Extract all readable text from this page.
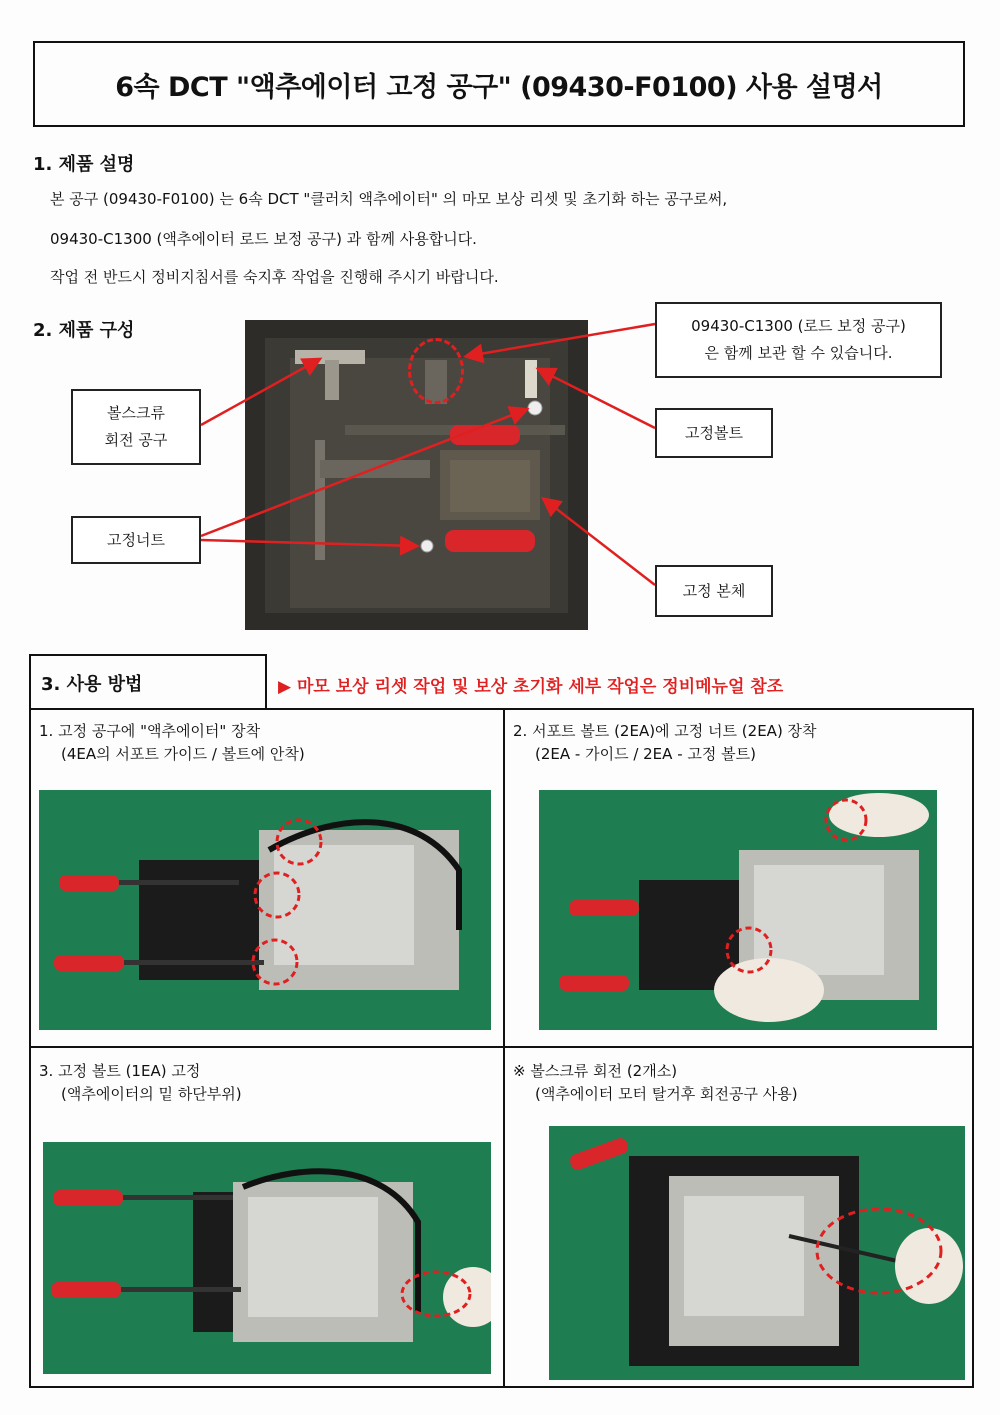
6속 DCT "액추에이터 고정 공구" (09430-F0100) 사용 설명서
1. 제품 설명
본 공구 (09430-F0100) 는 6속 DCT "클러치 액추에이터" 의 마모 보상 리셋 및 초기화 하는 공구로써,
09430-C1300 (액추에이터 로드 보정 공구) 과 함께 사용합니다.
작업 전 반드시 정비지침서를 숙지후 작업을 진행해 주시기 바랍니다.
2. 제품 구성	09430-C1300 (로드 보정 공구)
은 함께 보관 할 수 있습니다.
볼스크류
회전 공구	고정볼트
고정너트
고정 본체
3. 사용 방법	▶ 마모 보상 리셋 작업 및 보상 초기화 세부 작업은 정비메뉴얼 참조
1. 고정 공구에 "액추에이터" 장착
(4EA의 서포트 가이드 / 볼트에 안착)
2. 서포트 볼트 (2EA)에 고정 너트 (2EA) 장착
(2EA - 가이드 / 2EA - 고정 볼트)
3. 고정 볼트 (1EA) 고정
(액추에이터의 밑 하단부위)
※ 볼스크류 회전 (2개소)
(액추에이터 모터 탈거후 회전공구 사용)
